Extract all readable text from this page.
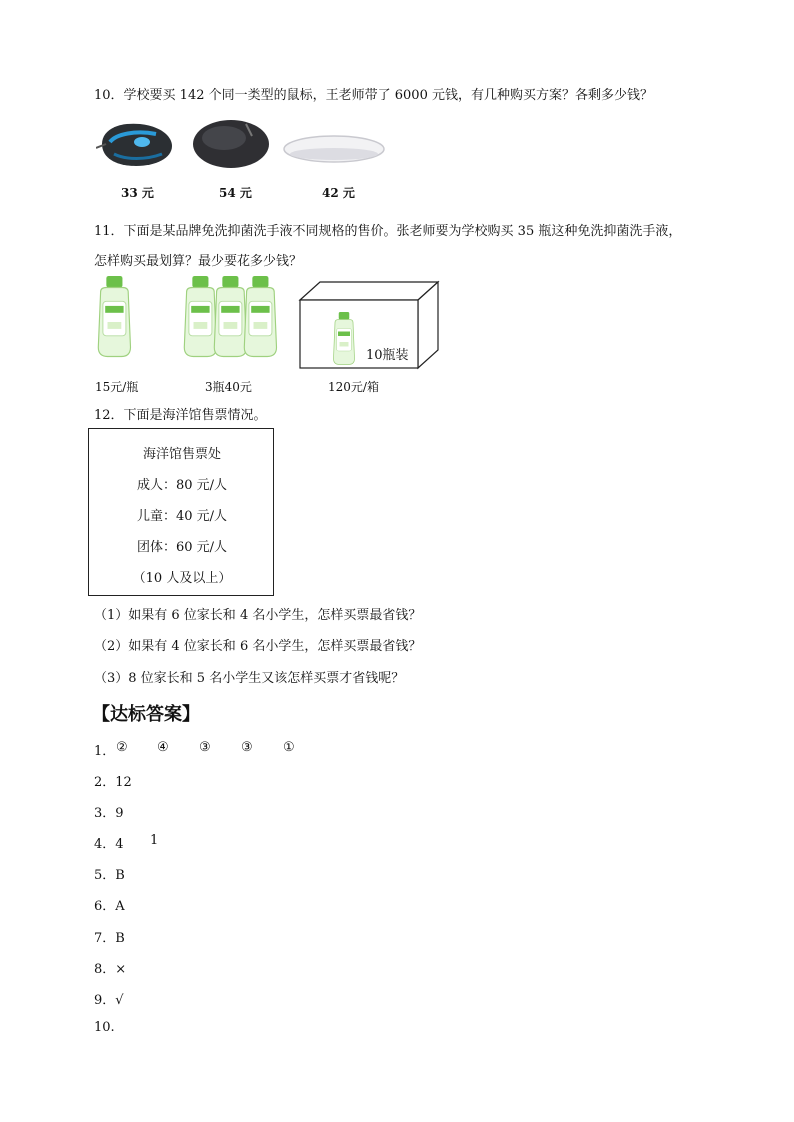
10．学校要买 142 个同一类型的鼠标，王老师带了 6000 元钱，有几种购买方案？各剩多少钱？
33 元	54 元	42 元
11．下面是某品牌免洗抑菌洗手液不同规格的售价。张老师要为学校购买 35 瓶这种免洗抑菌洗手液，
怎样购买最划算？最少要花多少钱？
10瓶装
15元/瓶	3瓶40元	120元/箱
12．下面是海洋馆售票情况。
海洋馆售票处
成人：80 元/人
儿童：40 元/人
团体：60 元/人
（10 人及以上）
（1）如果有 6 位家长和 4 名小学生，怎样买票最省钱？
（2）如果有 4 位家长和 6 名小学生，怎样买票最省钱？
（3）8 位家长和 5 名小学生又该怎样买票才省钱呢？
【达标答案】
1． ② ④ ③ ③ ①
2．12
3．9
4．4 1
5．B
6．A
7．B
8．×
9．√
10.
